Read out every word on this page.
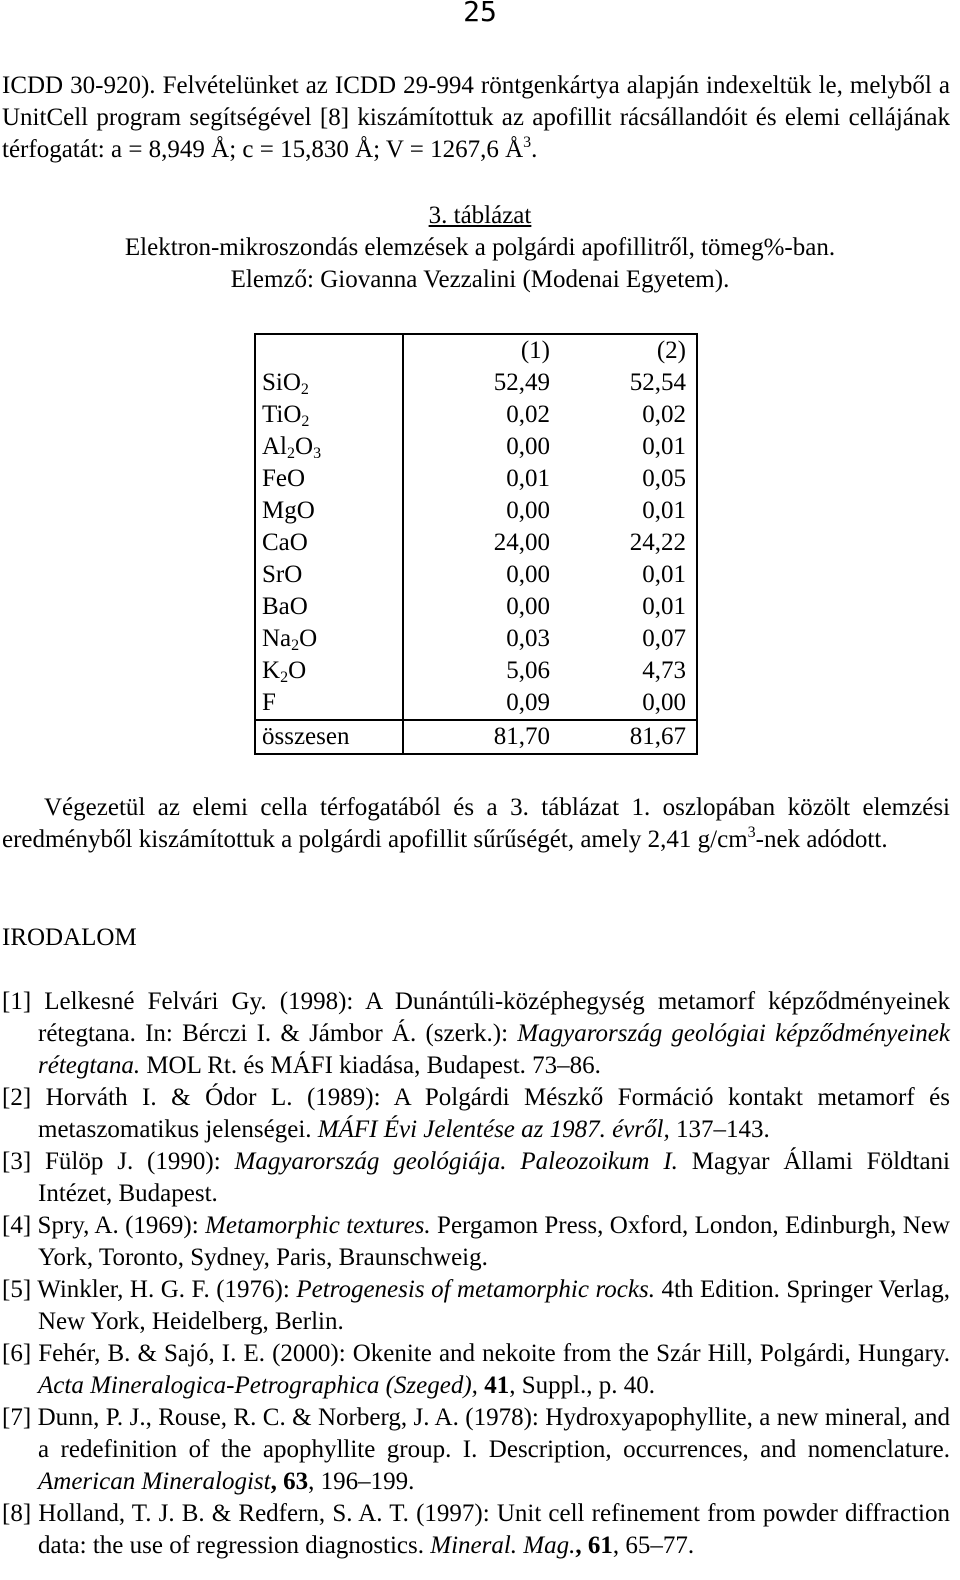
25

ICDD 30-920). Felvételünket az ICDD 29-994 röntgenkártya alapján indexeltük le, melyből a UnitCell program segítségével [8] kiszámítottuk az apofillit rácsállandóit és elemi cellájának térfogatát: a = 8,949 Å; c = 15,830 Å; V = 1267,6 $Å^3$.

3. táblázat
Elektron-mikroszondás elemzések a polgárdi apofillitről, tömeg%-ban.
Elemző: Giovanna Vezzalini (Modenai Egyetem).
	(1)	(2)
SiO$_2$	52,49	52,54
TiO$_2$	0,02	0,02
$Al_2O_3$	0,00	0,01
FeO	0,01	0,05
MgO	0,00	0,01
CaO	24,00	24,22
SrO	0,00	0,01
BaO	0,00	0,01
$Na_2O$	0,03	0,07
$K_2O$	5,06	4,73
F	0,09	0,00
összesen	81,70	81,67

Végezetül az elemi cella térfogatából és a 3. táblázat 1. oszlopában közölt elemzési eredményből kiszámítottuk a polgárdi apofillit sűrűségét, amely 2,41 $g/cm^3$-nek adódott.

IRODALOM

[1] Lelkesné Felvári Gy. (1998): A Dunántúli-középhegység metamorf képződményeinek rétegtana. In: Bérczi I. & Jámbor Á. (szerk.): Magyarország geológiai képződményeinek rétegtana. MOL Rt. és MÁFI kiadása, Budapest. 73–86.

[2] Horváth I. & Ódor L. (1989): A Polgárdi Mészkő Formáció kontakt metamorf és metaszomatikus jelenségei. MÁFI Évi Jelentése az 1987. évről, 137–143.

[3] Fülöp J. (1990): Magyarország geológiája. Paleozoikum I. Magyar Állami Földtani Intézet, Budapest.

[4] Spry, A. (1969): Metamorphic textures. Pergamon Press, Oxford, London, Edinburgh, New York, Toronto, Sydney, Paris, Braunschweig.

[5] Winkler, H. G. F. (1976): Petrogenesis of metamorphic rocks. 4th Edition. Springer Verlag, New York, Heidelberg, Berlin.

[6] Fehér, B. & Sajó, I. E. (2000): Okenite and nekoite from the Szár Hill, Polgárdi, Hungary. Acta Mineralogica-Petrographica (Szeged), 41, Suppl., p. 40.

[7] Dunn, P. J., Rouse, R. C. & Norberg, J. A. (1978): Hydroxyapophyllite, a new mineral, and a redefinition of the apophyllite group. I. Description, occurrences, and nomenclature. American Mineralogist, 63, 196–199.

[8] Holland, T. J. B. & Redfern, S. A. T. (1997): Unit cell refinement from powder diffraction data: the use of regression diagnostics. Mineral. Mag., 61, 65–77.
